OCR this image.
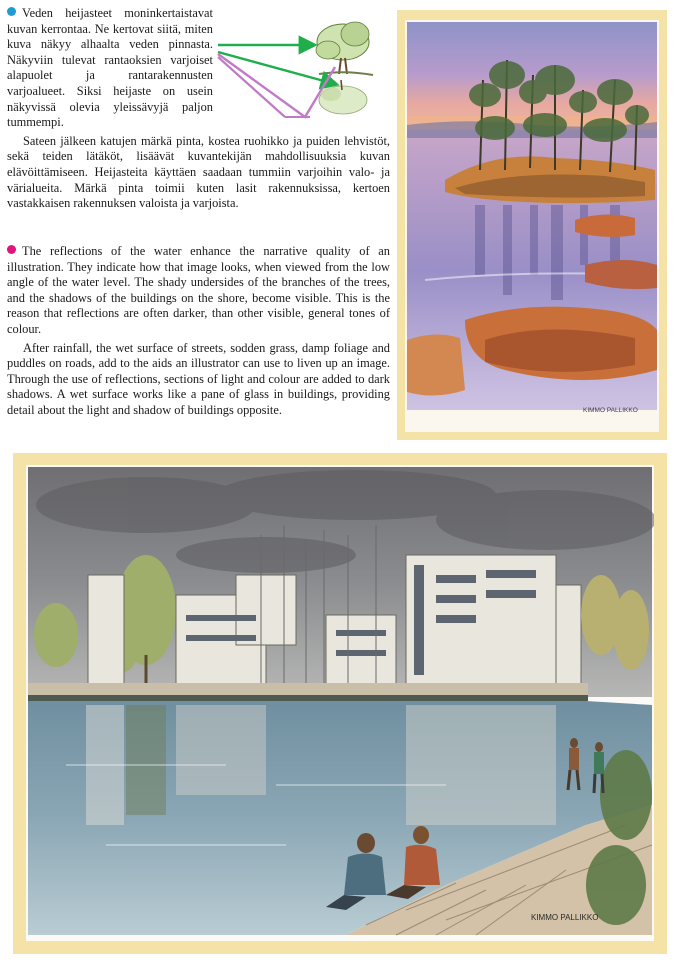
Veden heijasteet moninkertaistavat kuvan kerrontaa. Ne kertovat siitä, miten kuva näkyy alhaalta veden pinnasta. Näkyviin tulevat rantaoksien varjoiset alapuolet ja rantarakennusten varjoalueet. Siksi heijaste on usein näkyvissä olevia yleissävyjä paljon tummempi.

Sateen jälkeen katujen märkä pinta, kostea ruohikko ja puiden lehvistöt, sekä teiden lätäköt, lisäävät kuvantekijän mahdollisuuksia kuvan elävöittämiseen. Heijasteita käyttäen saadaan tummiin varjoihin valo- ja värialueita. Märkä pinta toimii kuten lasit rakennuksissa, kertoen vastakkaisen rakennuksen valoista ja varjoista.

The reflections of the water enhance the narrative quality of an illustration. They indicate how that image looks, when viewed from the low angle of the water level. The shady undersides of the branches of the trees, and the shadows of the buildings on the shore, become visible. This is the reason that reflections are often darker, than other visible, general tones of colour.

After rainfall, the wet surface of streets, sodden grass, damp foliage and puddles on roads, add to the aids an illustrator can use to liven up an image. Through the use of reflections, sections of light and colour are added to dark shadows. A wet surface works like a pane of glass in buildings, providing detail about the light and shadow of buildings opposite.	KIMMO PALLIKKO
KIMMO PALLIKKO
